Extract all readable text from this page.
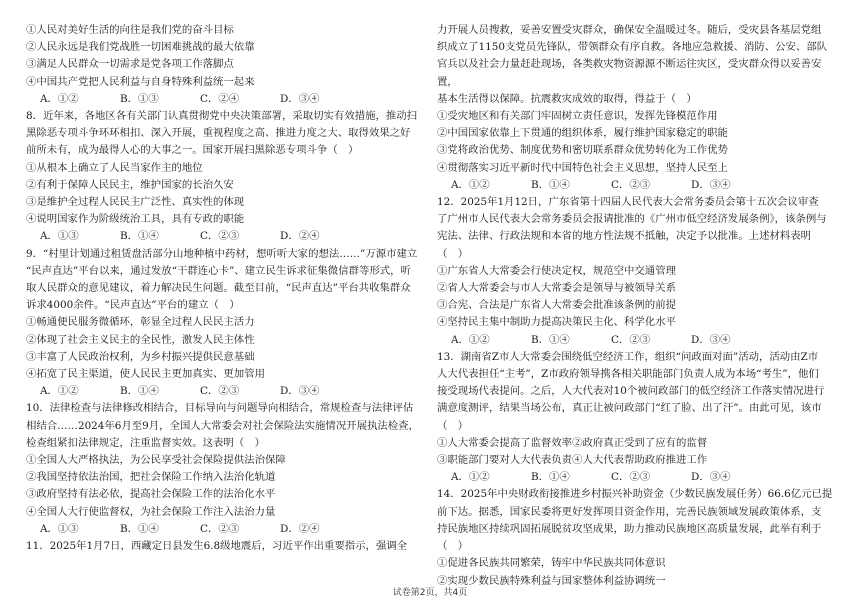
①人民对美好生活的向往是我们党的奋斗目标
②人民永远是我们党战胜一切困难挑战的最大依靠
③满足人民群众一切需求是党各项工作落脚点
④中国共产党把人民利益与自身特殊利益统一起来
A．①②	B．①③	C．②④	D．③④
8．近年来，各地区各有关部门认真贯彻党中央决策部署，采取切实有效措施，推动扫
黑除恶专项斗争环环相扣、深入开展，重视程度之高、推进力度之大、取得效果之好
前所未有，成为最得人心的大事之一。国家开展扫黑除恶专项斗争（　）
①从根本上确立了人民当家作主的地位
②有利于保障人民民主，维护国家的长治久安
③是维护全过程人民民主广泛性、真实性的体现
④说明国家作为阶级统治工具，具有专政的职能
A．①③	B．①④	C．②③	D．②④
9．“村里计划通过租赁盘活部分山地种植中药材，想听听大家的想法……”万源市建立
“民声直达”平台以来，通过发放“干群连心卡”、建立民生诉求征集微信群等形式，听
取人民群众的意见建议，着力解决民生问题。截至目前，“民声直达”平台共收集群众
诉求4000余件。“民声直达”平台的建立（　）
①畅通便民服务微循环，彰显全过程人民民主活力
②体现了社会主义民主的全民性，激发人民主体性
③丰富了人民政治权利，为乡村振兴提供民意基础
④拓宽了民主渠道，使人民民主更加真实、更加管用
A．①②	B．①④	C．②③	D．③④
10．法律检查与法律修改相结合，目标导向与问题导向相结合，常规检查与法律评估
相结合……2024年6月至9月，全国人大常委会对社会保险法实施情况开展执法检查，
检查组紧扣法律规定，注重监督实效。这表明（　）
①全国人大严格执法，为公民享受社会保险提供法治保障
②我国坚持依法治国，把社会保险工作纳入法治化轨道
③政府坚持有法必依，提高社会保险工作的法治化水平
④全国人大行使监督权，为社会保险工作注入法治力量
A．①③	B．①④	C．②③	D．②④
11．2025年1月7日，西藏定日县发生6.8级地震后，习近平作出重要指示，强调全
力开展人员搜救，妥善安置受灾群众，确保安全温暖过冬。随后，受灾县各基层党组
织成立了1150支党员先锋队，带领群众有序自救。各地应急救援、消防、公安、部队
官兵以及社会力量赶赴现场，各类救灾物资源源不断运往灾区，受灾群众得以妥善安置，
基本生活得以保障。抗震救灾成效的取得，得益于（　）
①受灾地区和有关部门牢固树立责任意识，发挥先锋模范作用
②中国国家依靠上下贯通的组织体系，履行维护国家稳定的职能
③党将政治优势、制度优势和密切联系群众优势转化为工作优势
④贯彻落实习近平新时代中国特色社会主义思想，坚持人民至上
A．①②	B．①④	C．②③	D．③④
12．2025年1月12日，广东省第十四届人民代表大会常务委员会第十五次会议审查
了广州市人民代表大会常务委员会报请批准的《广州市低空经济发展条例》，该条例与
宪法、法律、行政法规和本省的地方性法规不抵触，决定予以批准。上述材料表明（　）
①广东省人大常委会行使决定权，规范空中交通管理
②省人大常委会与市人大常委会是领导与被领导关系
③合宪、合法是广东省人大常委会批准该条例的前提
④坚持民主集中制助力提高决策民主化、科学化水平
A．①②	B．①④	C．②③	D．③④
13．湖南省Z市人大常委会围绕低空经济工作，组织“问政面对面”活动，活动由Z市
人大代表担任“主考”，Z市政府领导携各相关职能部门负责人成为本场“考生”，他们
接受现场代表提问。之后，人大代表对10个被问政部门的低空经济工作落实情况进行
满意度测评，结果当场公布，真正让被问政部门“红了脸、出了汗”。由此可见，该市
（　）
①人大常委会提高了监督效率②政府真正受到了应有的监督
③职能部门要对人大代表负责④人大代表帮助政府推进工作
A．①②	B．①④	C．②③	D．③④
14．2025年中央财政衔接推进乡村振兴补助资金（少数民族发展任务）66.6亿元已提
前下达。据悉，国家民委将更好发挥项目资金作用，完善民族领域发展政策体系，支
持民族地区持续巩固拓展脱贫攻坚成果，助力推动民族地区高质量发展，此举有利于
（　）
①促进各民族共同繁荣，铸牢中华民族共同体意识
②实现少数民族特殊利益与国家整体利益协调统一
试卷第2页，共4页
